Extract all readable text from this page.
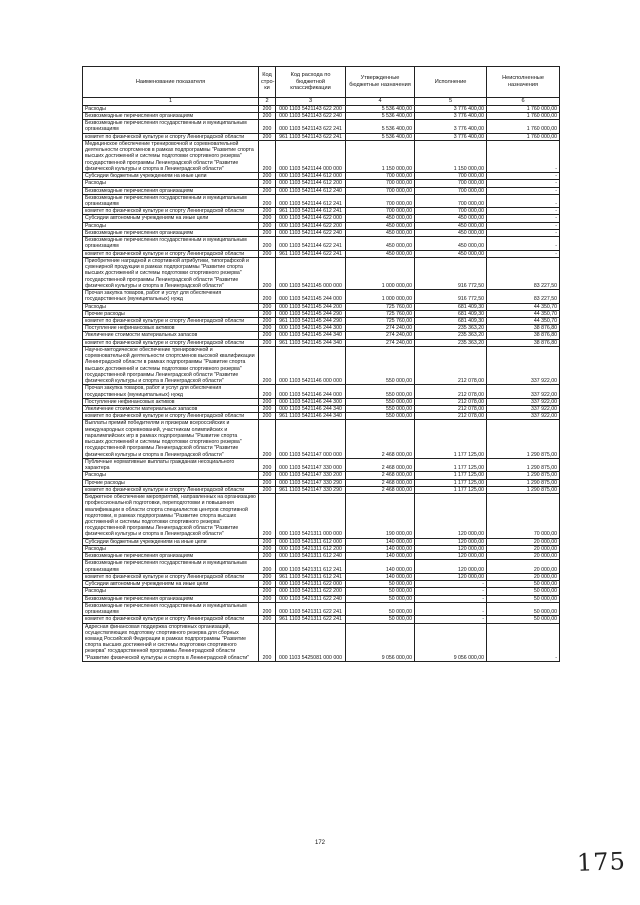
Наименование показателя	Код стро-ки	Код расхода по бюджетной классификации	Утвержденные бюджетные назначения	Исполнение	Неисполненные назначения
1	2	3	4	5	6
Расходы	200	000 1103 5421143 622 200	5 536 400,00	3 776 400,00	1 760 000,00
Безвозмездные перечисления организациям	200	000 1103 5421143 622 240	5 536 400,00	3 776 400,00	1 760 000,00
Безвозмездные перечисления государственным и муниципальным организациям	200	000 1103 5421143 622 241	5 536 400,00	3 776 400,00	1 760 000,00
комитет по физической культуре и спорту Ленинградской области	200	961 1103 5421143 622 241	5 536 400,00	3 776 400,00	1 760 000,00
Медицинское обеспечение тренировочной и соревновательной деятельности спортсменов в рамках подпрограммы "Развитие спорта высших достижений и системы подготовки спортивного резерва" государственной программы Ленинградской области "Развитие физической культуры и спорта в Ленинградской области"	200	000 1103 5421144 000 000	1 150 000,00	1 150 000,00	-
Субсидии бюджетным учреждениям на иные цели	200	000 1103 5421144 612 000	700 000,00	700 000,00	-
Расходы	200	000 1103 5421144 612 200	700 000,00	700 000,00	-
Безвозмездные перечисления организациям	200	000 1103 5421144 612 240	700 000,00	700 000,00	-
Безвозмездные перечисления государственным и муниципальным организациям	200	000 1103 5421144 612 241	700 000,00	700 000,00	-
комитет по физической культуре и спорту Ленинградской области	200	961 1103 5421144 612 241	700 000,00	700 000,00	-
Субсидии автономным учреждениям на иные цели	200	000 1103 5421144 622 000	450 000,00	450 000,00	-
Расходы	200	000 1103 5421144 622 200	450 000,00	450 000,00	-
Безвозмездные перечисления организациям	200	000 1103 5421144 622 240	450 000,00	450 000,00	-
Безвозмездные перечисления государственным и муниципальным организациям	200	000 1103 5421144 622 241	450 000,00	450 000,00	-
комитет по физической культуре и спорту Ленинградской области	200	961 1103 5421144 622 241	450 000,00	450 000,00	-
Приобретение наградной и спортивной атрибутики, типографской и сувенирной продукции в рамках подпрограммы "Развитие спорта высших достижений и системы подготовки спортивного резерва" государственной программы Ленинградской области "Развитие физической культуры и спорта в Ленинградской области"	200	000 1103 5421145 000 000	1 000 000,00	916 772,50	83 227,50
Прочая закупка товаров, работ и услуг для обеспечения государственных (муниципальных) нужд	200	000 1103 5421145 244 000	1 000 000,00	916 772,50	83 227,50
Расходы	200	000 1103 5421145 244 200	725 760,00	681 409,30	44 350,70
Прочие расходы	200	000 1103 5421145 244 290	725 760,00	681 409,30	44 350,70
комитет по физической культуре и спорту Ленинградской области	200	961 1103 5421145 244 290	725 760,00	681 409,30	44 350,70
Поступление нефинансовых активов	200	000 1103 5421145 244 300	274 240,00	235 363,20	38 876,80
Увеличение стоимости материальных запасов	200	000 1103 5421145 244 340	274 240,00	235 363,20	38 876,80
комитет по физической культуре и спорту Ленинградской области	200	961 1103 5421145 244 340	274 240,00	235 363,20	38 876,80
Научно-методическое обеспечение тренировочной и соревновательной деятельности спортсменов высокой квалификации Ленинградской области в рамках подпрограммы "Развитие спорта высших достижений и системы подготовки спортивного резерва" государственной программы Ленинградской области "Развитие физической культуры и спорта в Ленинградской области"	200	000 1103 5421146 000 000	550 000,00	212 078,00	337 922,00
Прочая закупка товаров, работ и услуг для обеспечения государственных (муниципальных) нужд	200	000 1103 5421146 244 000	550 000,00	212 078,00	337 922,00
Поступление нефинансовых активов	200	000 1103 5421146 244 300	550 000,00	212 078,00	337 922,00
Увеличение стоимости материальных запасов	200	000 1103 5421146 244 340	550 000,00	212 078,00	337 922,00
комитет по физической культуре и спорту Ленинградской области	200	961 1103 5421146 244 340	550 000,00	212 078,00	337 922,00
Выплаты премий победителям и призерам всероссийских и международных соревнований, участникам олимпийских и паралимпийских игр в рамках подпрограммы "Развитие спорта высших достижений и системы подготовки спортивного резерва" государственной программы Ленинградской области "Развитие физической культуры и спорта в Ленинградской области"	200	000 1103 5421147 000 000	2 468 000,00	1 177 125,00	1 290 875,00
Публичные нормативные выплаты гражданам несоциального характера	200	000 1103 5421147 330 000	2 468 000,00	1 177 125,00	1 290 875,00
Расходы	200	000 1103 5421147 330 200	2 468 000,00	1 177 125,00	1 290 875,00
Прочие расходы	200	000 1103 5421147 330 290	2 468 000,00	1 177 125,00	1 290 875,00
комитет по физической культуре и спорту Ленинградской области	200	961 1103 5421147 330 290	2 468 000,00	1 177 125,00	1 290 875,00
Бюджетное обеспечение мероприятий, направленных на организацию профессиональной подготовки, переподготовки и повышения квалификации в области спорта специалистов центров спортивной подготовки, в рамках подпрограммы "Развитие спорта высших достижений и системы подготовки спортивного резерва" государственной программы Ленинградской области "Развитие физической культуры и спорта в Ленинградской области"	200	000 1103 5421311 000 000	190 000,00	120 000,00	70 000,00
Субсидии бюджетным учреждениям на иные цели	200	000 1103 5421311 612 000	140 000,00	120 000,00	20 000,00
Расходы	200	000 1103 5421311 612 200	140 000,00	120 000,00	20 000,00
Безвозмездные перечисления организациям	200	000 1103 5421311 612 240	140 000,00	120 000,00	20 000,00
Безвозмездные перечисления государственным и муниципальным организациям	200	000 1103 5421311 612 241	140 000,00	120 000,00	20 000,00
комитет по физической культуре и спорту Ленинградской области	200	961 1103 5421311 612 241	140 000,00	120 000,00	20 000,00
Субсидии автономным учреждениям на иные цели	200	000 1103 5421311 622 000	50 000,00	-	50 000,00
Расходы	200	000 1103 5421311 622 200	50 000,00	-	50 000,00
Безвозмездные перечисления организациям	200	000 1103 5421311 622 240	50 000,00	-	50 000,00
Безвозмездные перечисления государственным и муниципальным организациям	200	000 1103 5421311 622 241	50 000,00	-	50 000,00
комитет по физической культуре и спорту Ленинградской области	200	961 1103 5421311 622 241	50 000,00	-	50 000,00
Адресная финансовая поддержка спортивных организаций, осуществляющих подготовку спортивного резерва для сборных команд Российской Федерации в рамках подпрограммы "Развитие спорта высших достижений и системы подготовки спортивного резерва" государственной программы Ленинградской области "Развитие физической культуры и спорта в Ленинградской области"	200	000 1103 5425081 000 000	9 056 000,00	9 056 000,00	-
172
175
